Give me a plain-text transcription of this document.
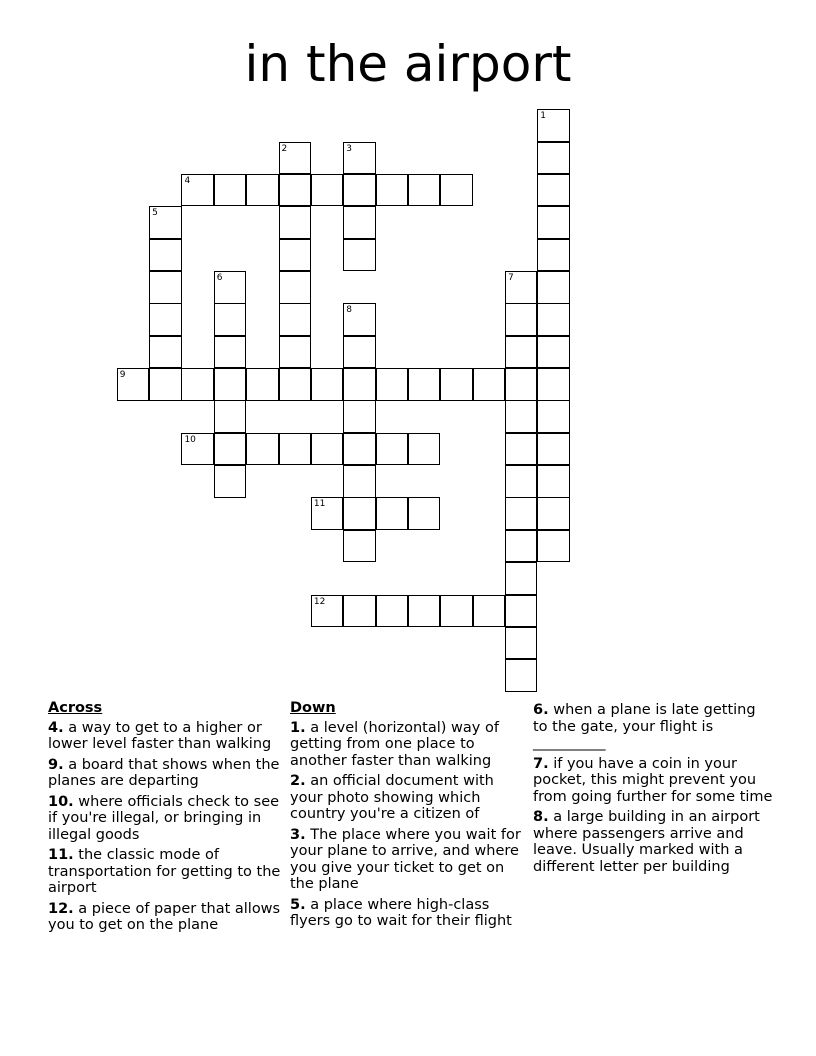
in the airport
1
2	3
4
5
6	7
8
9
10
11
12
Across
4. a way to get to a higher or lower level faster than walking
9. a board that shows when the planes are departing
10. where officials check to see if you're illegal, or bringing in illegal goods
11. the classic mode of transportation for getting to the airport
12. a piece of paper that allows you to get on the plane
Down
1. a level (horizontal) way of getting from one place to another faster than walking
2. an official document with your photo showing which country you're a citizen of
3. The place where you wait for your plane to arrive, and where you give your ticket to get on the plane
5. a place where high-class flyers go to wait for their flight
6. when a plane is late getting to the gate, your flight is __________
7. if you have a coin in your pocket, this might prevent you from going further for some time
8. a large building in an airport where passengers arrive and leave. Usually marked with a different letter per building
